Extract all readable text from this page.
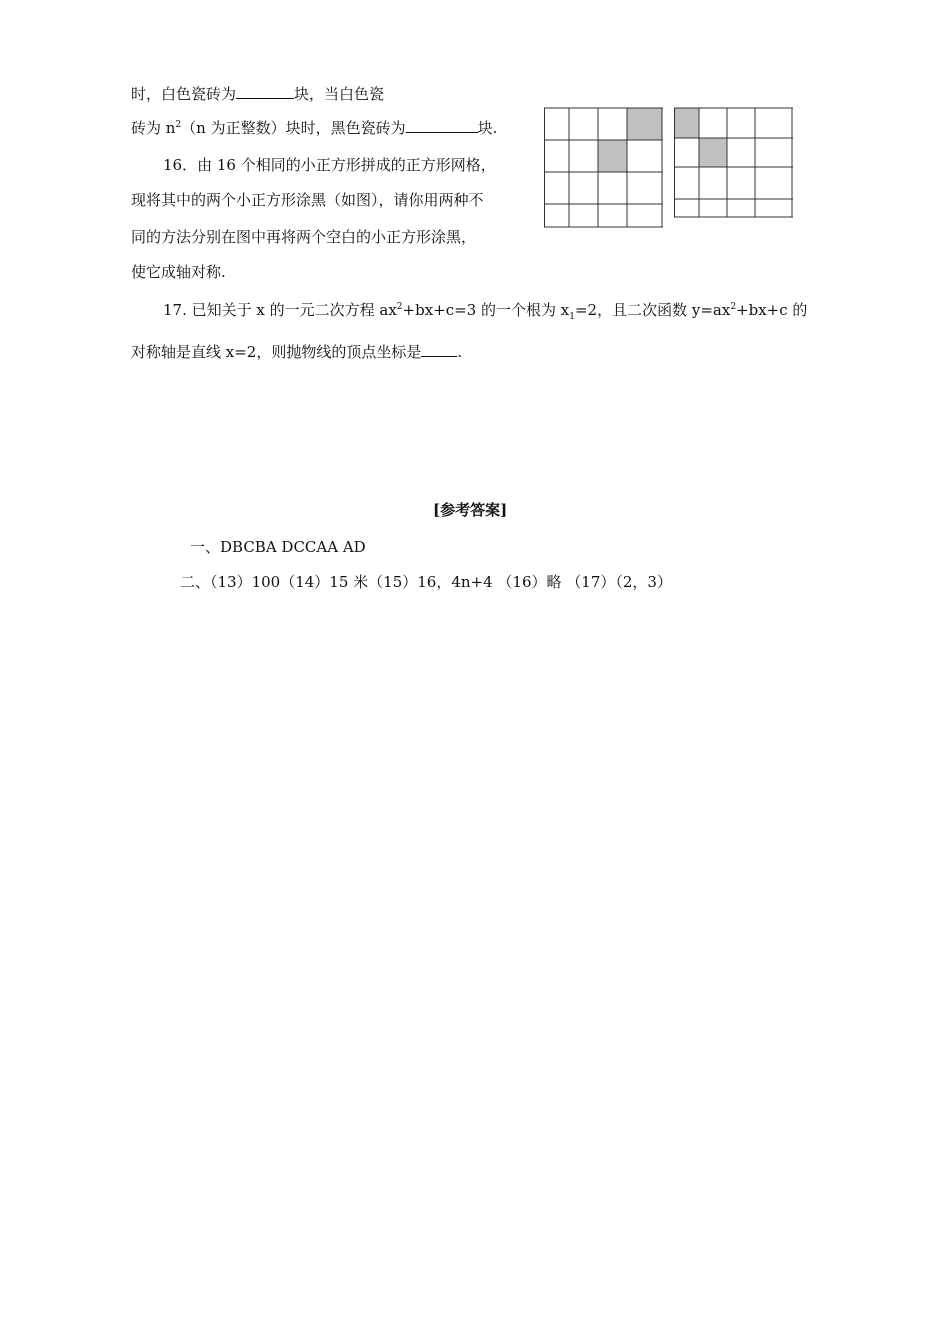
时，白色瓷砖为	块，当白色瓷
砖为 $n^2(n$ 为正整数）块时，黑色瓷砖为	块.
16．由 16 个相同的小正方形拼成的正方形网格，
现将其中的两个小正方形涂黑（如图），请你用两种不
同的方法分别在图中再将两个空白的小正方形涂黑，
使它成轴对称.
17. 已知关于 x 的一元二次方程 $ax^2+bx+c=3$ 的一个根为 $x_1=2$，且二次函数 $y=ax^2+bx+c$ 的
对称轴是直线 x=2，则抛物线的顶点坐标是 .
[参考答案]
一、DBCBA DCCAA AD
二、（13）100（14）15 米（15）16，4n+4 （16）略 （17）（2，3）
